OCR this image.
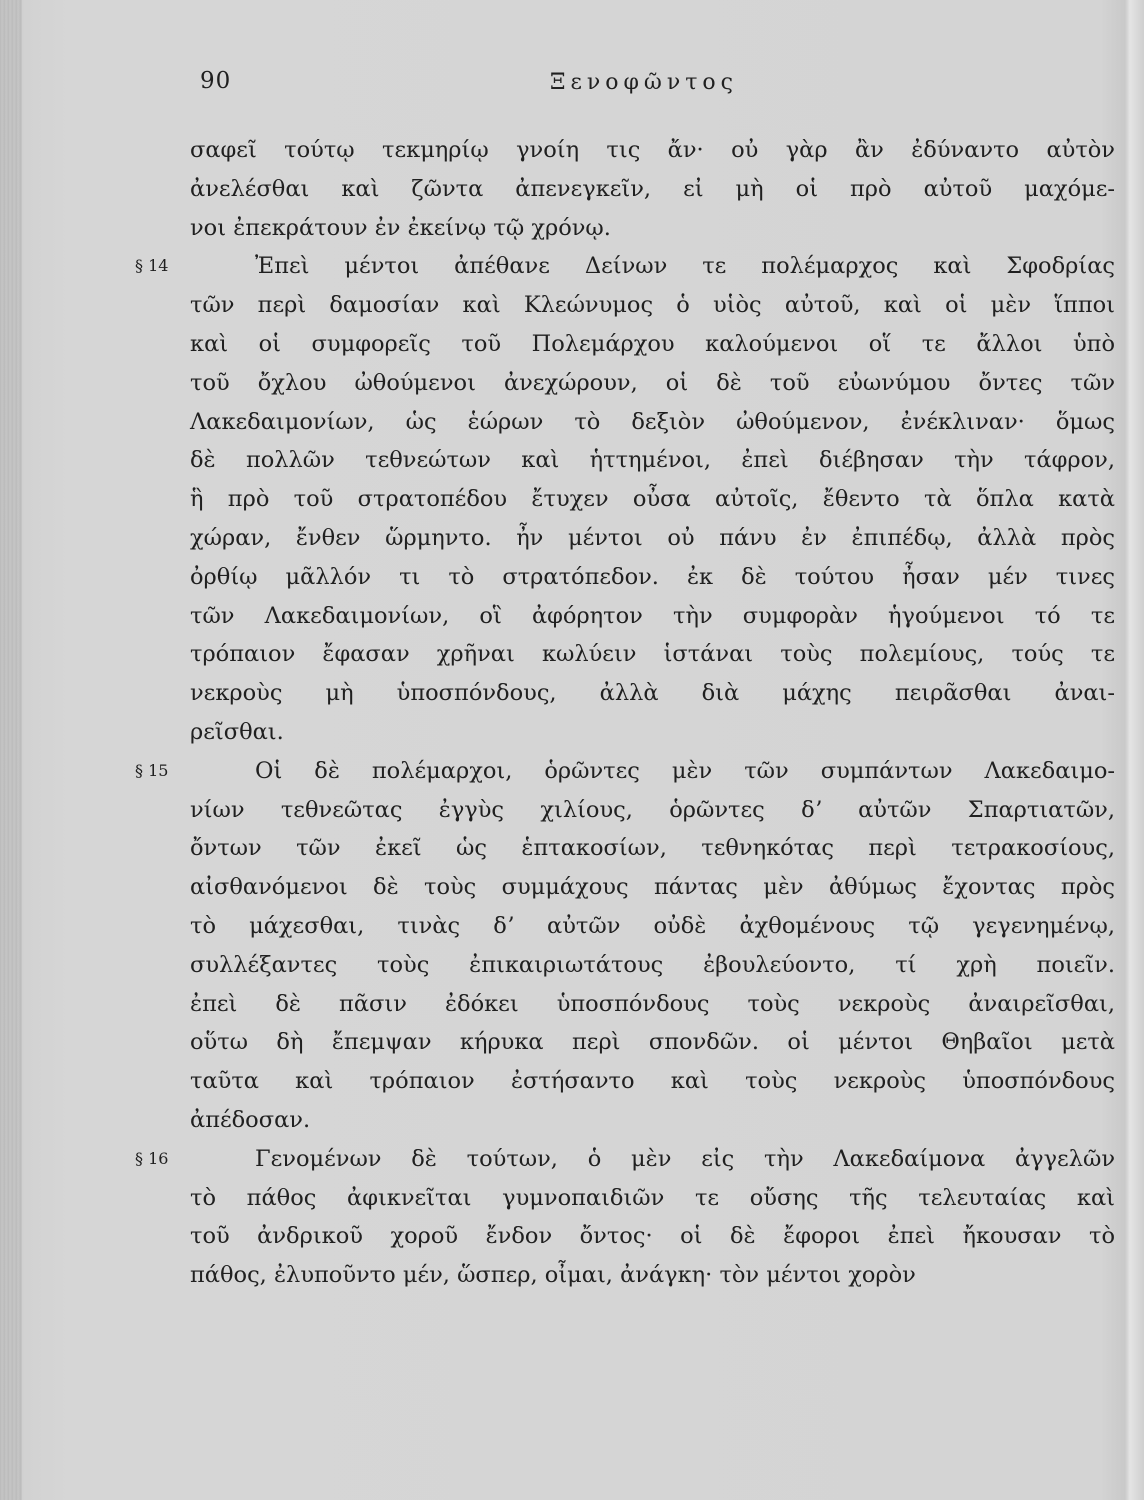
90	Ξενοφῶντος
σαφεῖ τούτῳ τεκμηρίῳ γνοίη τις ἄν· οὐ γὰρ ἂν ἐδύναντο αὐτὸν
ἀνελέσθαι καὶ ζῶντα ἀπενεγκεῖν, εἰ μὴ οἱ πρὸ αὐτοῦ μαχόμε-
νοι ἐπεκράτουν ἐν ἐκείνῳ τῷ χρόνῳ.
§ 14	Ἐπεὶ μέντοι ἀπέθανε Δείνων τε πολέμαρχος καὶ Σφοδρίας
τῶν περὶ δαμοσίαν καὶ Κλεώνυμος ὁ υἱὸς αὐτοῦ, καὶ οἱ μὲν ἵπποι
καὶ οἱ συμφορεῖς τοῦ Πολεμάρχου καλούμενοι οἵ τε ἄλλοι ὑπὸ
τοῦ ὄχλου ὠθούμενοι ἀνεχώρουν, οἱ δὲ τοῦ εὐωνύμου ὄντες τῶν
Λακεδαιμονίων, ὡς ἑώρων τὸ δεξιὸν ὠθούμενον, ἐνέκλιναν· ὅμως
δὲ πολλῶν τεθνεώτων καὶ ἡττημένοι, ἐπεὶ διέβησαν τὴν τάφρον,
ἣ πρὸ τοῦ στρατοπέδου ἔτυχεν οὖσα αὐτοῖς, ἔθεντο τὰ ὅπλα κατὰ
χώραν, ἔνθεν ὥρμηντο. ἦν μέντοι οὐ πάνυ ἐν ἐπιπέδῳ, ἀλλὰ πρὸς
ὀρθίῳ μᾶλλόν τι τὸ στρατόπεδον. ἐκ δὲ τούτου ἦσαν μέν τινες
τῶν Λακεδαιμονίων, οἳ ἀφόρητον τὴν συμφορὰν ἡγούμενοι τό τε
τρόπαιον ἔφασαν χρῆναι κωλύειν ἱστάναι τοὺς πολεμίους, τούς τε
νεκροὺς μὴ ὑποσπόνδους, ἀλλὰ διὰ μάχης πειρᾶσθαι ἀναι-
ρεῖσθαι.
§ 15	Οἱ δὲ πολέμαρχοι, ὁρῶντες μὲν τῶν συμπάντων Λακεδαιμο-
νίων τεθνεῶτας ἐγγὺς χιλίους, ὁρῶντες δʼ αὐτῶν Σπαρτιατῶν,
ὄντων τῶν ἐκεῖ ὡς ἑπτακοσίων, τεθνηκότας περὶ τετρακοσίους,
αἰσθανόμενοι δὲ τοὺς συμμάχους πάντας μὲν ἀθύμως ἔχοντας πρὸς
τὸ μάχεσθαι, τινὰς δʼ αὐτῶν οὐδὲ ἀχθομένους τῷ γεγενημένῳ,
συλλέξαντες τοὺς ἐπικαιριωτάτους ἐβουλεύοντο, τί χρὴ ποιεῖν.
ἐπεὶ δὲ πᾶσιν ἐδόκει ὑποσπόνδους τοὺς νεκροὺς ἀναιρεῖσθαι,
οὕτω δὴ ἔπεμψαν κήρυκα περὶ σπονδῶν. οἱ μέντοι Θηβαῖοι μετὰ
ταῦτα καὶ τρόπαιον ἐστήσαντο καὶ τοὺς νεκροὺς ὑποσπόνδους
ἀπέδοσαν.
§ 16	Γενομένων δὲ τούτων, ὁ μὲν εἰς τὴν Λακεδαίμονα ἀγγελῶν
τὸ πάθος ἀφικνεῖται γυμνοπαιδιῶν τε οὔσης τῆς τελευταίας καὶ
τοῦ ἀνδρικοῦ χοροῦ ἔνδον ὄντος· οἱ δὲ ἔφοροι ἐπεὶ ἤκουσαν τὸ
πάθος, ἐλυποῦντο μέν, ὥσπερ, οἶμαι, ἀνάγκη· τὸν μέντοι χορὸν
